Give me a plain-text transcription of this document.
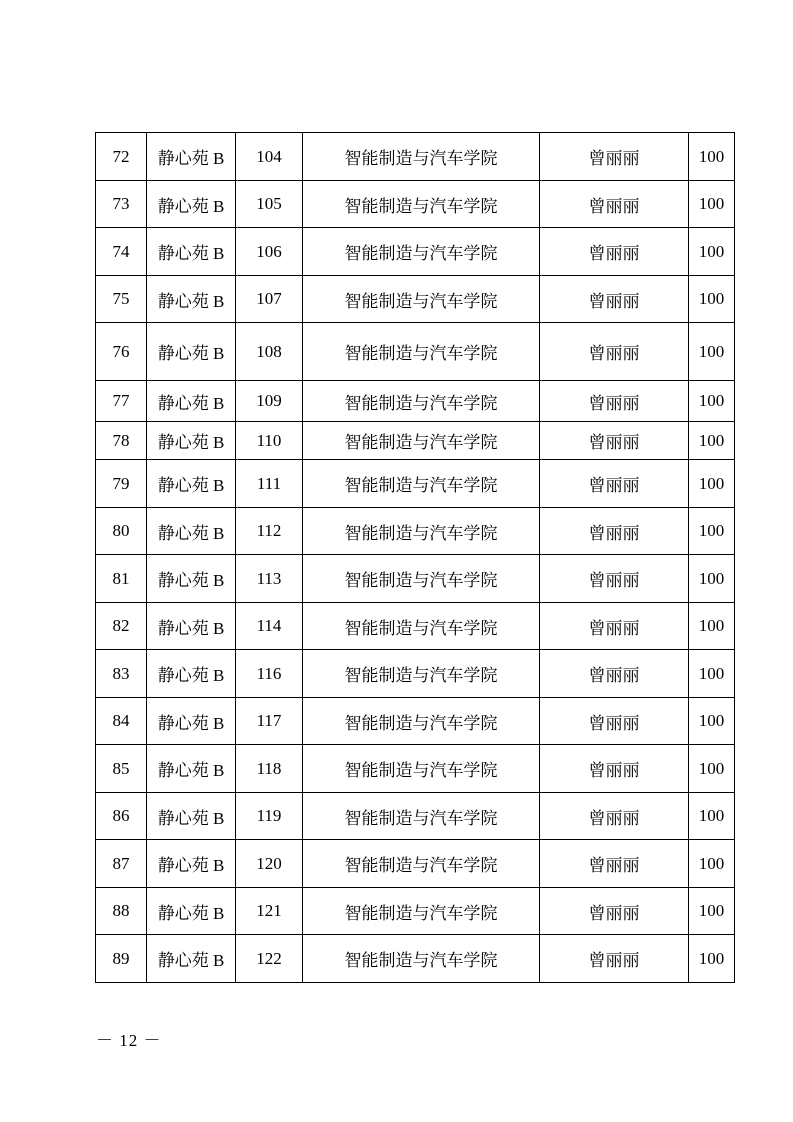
72	静心苑 B	104	智能制造与汽车学院	曾丽丽	100
73	静心苑 B	105	智能制造与汽车学院	曾丽丽	100
74	静心苑 B	106	智能制造与汽车学院	曾丽丽	100
75	静心苑 B	107	智能制造与汽车学院	曾丽丽	100
76	静心苑 B	108	智能制造与汽车学院	曾丽丽	100
77	静心苑 B	109	智能制造与汽车学院	曾丽丽	100
78	静心苑 B	110	智能制造与汽车学院	曾丽丽	100
79	静心苑 B	111	智能制造与汽车学院	曾丽丽	100
80	静心苑 B	112	智能制造与汽车学院	曾丽丽	100
81	静心苑 B	113	智能制造与汽车学院	曾丽丽	100
82	静心苑 B	114	智能制造与汽车学院	曾丽丽	100
83	静心苑 B	116	智能制造与汽车学院	曾丽丽	100
84	静心苑 B	117	智能制造与汽车学院	曾丽丽	100
85	静心苑 B	118	智能制造与汽车学院	曾丽丽	100
86	静心苑 B	119	智能制造与汽车学院	曾丽丽	100
87	静心苑 B	120	智能制造与汽车学院	曾丽丽	100
88	静心苑 B	121	智能制造与汽车学院	曾丽丽	100
89	静心苑 B	122	智能制造与汽车学院	曾丽丽	100
－ 12 －
